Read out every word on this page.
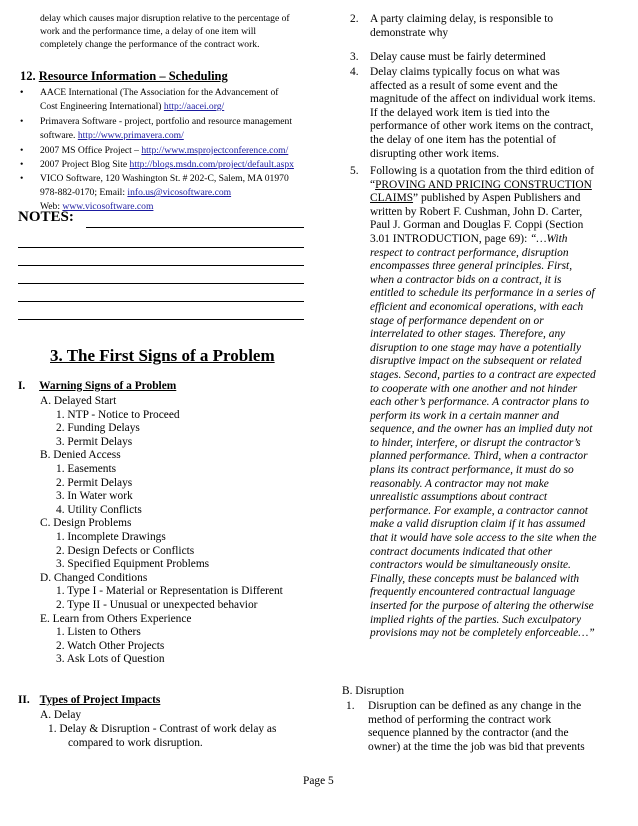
delay which causes major disruption relative to the percentage of
work and the performance time, a delay of one item will
completely change the performance of the contract work.
12. Resource Information – Scheduling
AACE International (The Association for the Advancement of
Cost Engineering International) http://aacei.org/
•
Primavera Software - project, portfolio and resource management
software. http://www.primavera.com/
•
2007 MS Office Project – http://www.msprojectconference.com/
•
2007 Project Blog Site http://blogs.msdn.com/project/default.aspx
•
VICO Software, 120 Washington St. # 202-C, Salem, MA 01970
978-882-0170; Email: info.us@vicosoftware.com
Web: www.vicosoftware.com
•
NOTES:
3. The First Signs of a Problem
I. Warning Signs of a Problem
A. Delayed Start
1. NTP - Notice to Proceed
2. Funding Delays
3. Permit Delays
B. Denied Access
1. Easements
2. Permit Delays
3. In Water work
4. Utility Conflicts
C. Design Problems
1. Incomplete Drawings
2. Design Defects or Conflicts
3. Specified Equipment Problems
D. Changed Conditions
1. Type I - Material or Representation is Different
2. Type II - Unusual or unexpected behavior
E. Learn from Others Experience
1. Listen to Others
2. Watch Other Projects
3. Ask Lots of Question
II. Types of Project Impacts
A. Delay
1. Delay & Disruption - Contrast of work delay as
compared to work disruption.
2. A party claiming delay, is responsible to
demonstrate why
3. Delay cause must be fairly determined
4. Delay claims typically focus on what was
affected as a result of some event and the
magnitude of the affect on individual work items.
If the delayed work item is tied into the
performance of other work items on the contract,
the delay of one item has the potential of
disrupting other work items.
5. Following is a quotation from the third edition of
“PROVING AND PRICING CONSTRUCTION
CLAIMS” published by Aspen Publishers and
written by Robert F. Cushman, John D. Carter,
Paul J. Gorman and Douglas F. Coppi (Section
3.01 INTRODUCTION, page 69): “…With
respect to contract performance, disruption
encompasses three general principles. First,
when a contractor bids on a contract, it is
entitled to schedule its performance in a series of
efficient and economical operations, with each
stage of performance dependent on or
interrelated to other stages. Therefore, any
disruption to one stage may have a potentially
disruptive impact on the subsequent or related
stages. Second, parties to a contract are expected
to cooperate with one another and not hinder
each other’s performance. A contractor plans to
perform its work in a certain manner and
sequence, and the owner has an implied duty not
to hinder, interfere, or disrupt the contractor’s
planned performance. Third, when a contractor
plans its contract performance, it must do so
reasonably. A contractor may not make
unrealistic assumptions about contract
performance. For example, a contractor cannot
make a valid disruption claim if it has assumed
that it would have sole access to the site when the
contract documents indicated that other
contractors would be simultaneously onsite.
Finally, these concepts must be balanced with
frequently encountered contractual language
inserted for the purpose of altering the otherwise
implied rights of the parties. Such exculpatory
provisions may not be completely enforceable…”
B. Disruption
1. Disruption can be defined as any change in the
method of performing the contract work
sequence planned by the contractor (and the
owner) at the time the job was bid that prevents
Page 5
